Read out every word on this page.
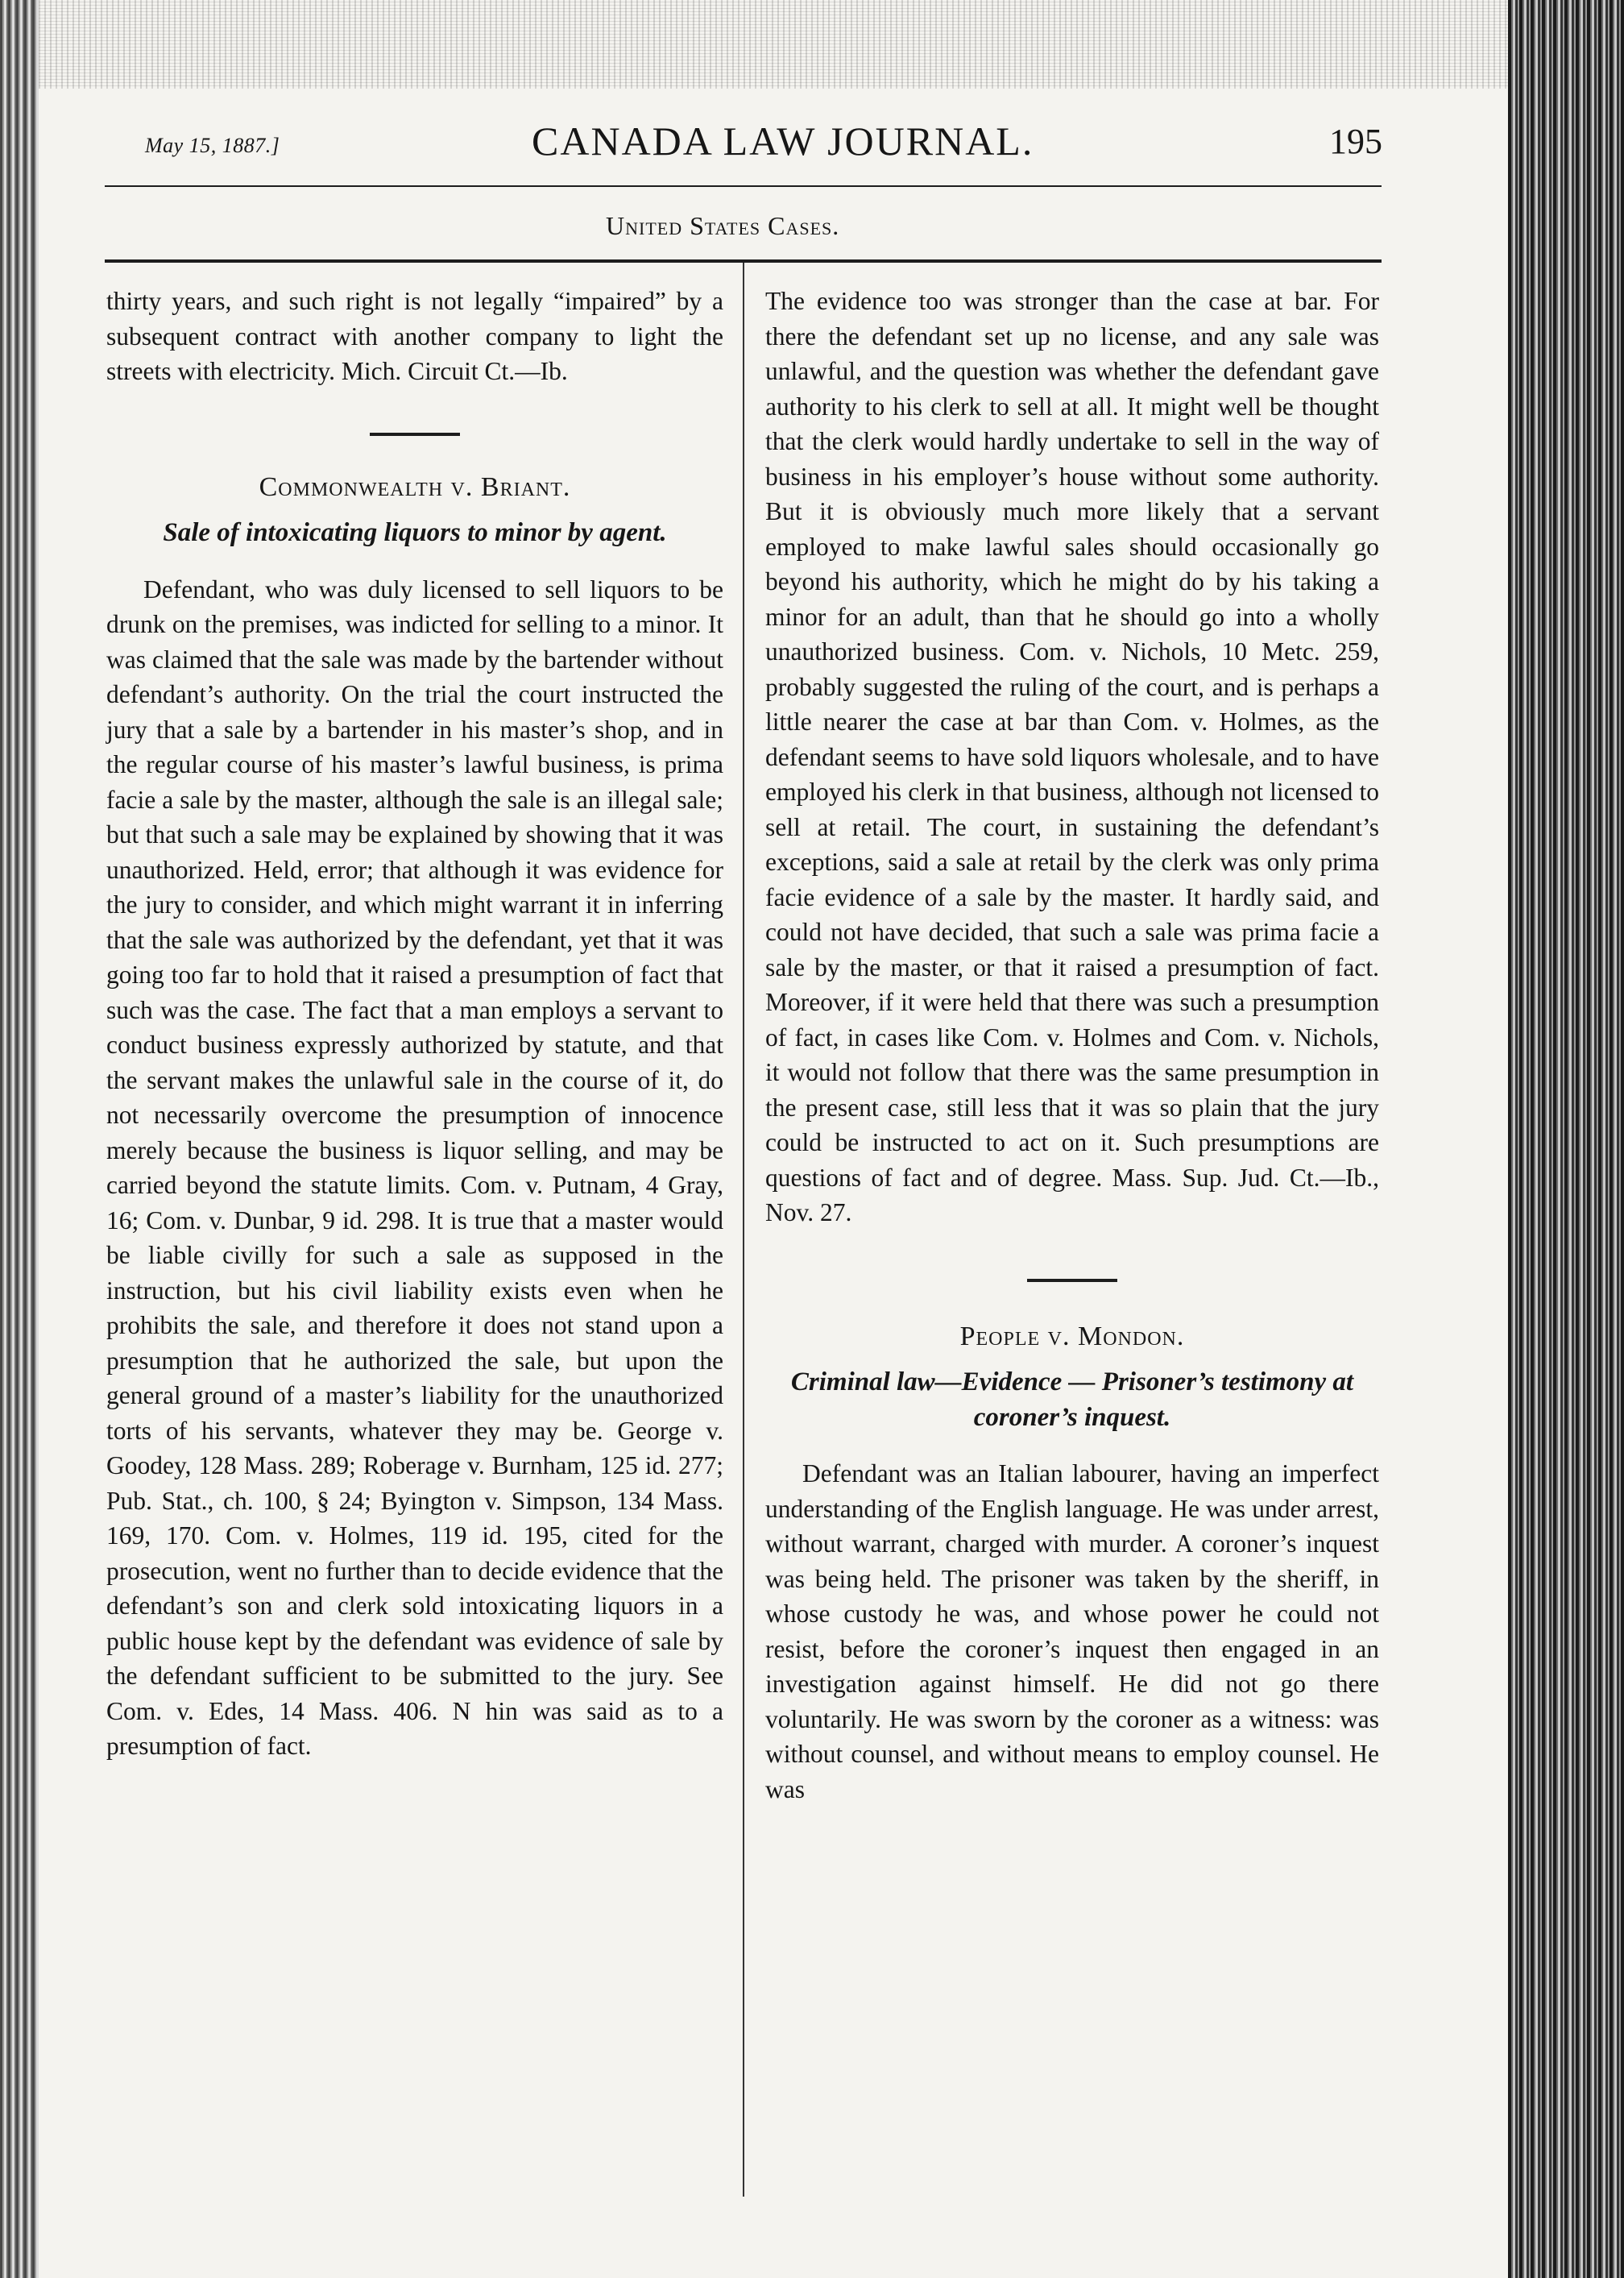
May 15, 1887.]	CANADA LAW JOURNAL.	195
United States Cases.

thirty years, and such right is not legally “impaired” by a subsequent contract with another company to light the streets with electricity. Mich. Circuit Ct.—Ib.

Commonwealth v. Briant.

Sale of intoxicating liquors to minor by agent.

Defendant, who was duly licensed to sell liquors to be drunk on the premises, was indicted for selling to a minor. It was claimed that the sale was made by the bartender without defendant’s authority. On the trial the court instructed the jury that a sale by a bartender in his master’s shop, and in the regular course of his master’s lawful business, is prima facie a sale by the master, although the sale is an illegal sale; but that such a sale may be explained by showing that it was unauthorized. Held, error; that although it was evidence for the jury to consider, and which might warrant it in inferring that the sale was authorized by the defendant, yet that it was going too far to hold that it raised a presumption of fact that such was the case. The fact that a man employs a servant to conduct business expressly authorized by statute, and that the servant makes the unlawful sale in the course of it, do not necessarily overcome the presumption of innocence merely because the business is liquor selling, and may be carried beyond the statute limits. Com. v. Putnam, 4 Gray, 16; Com. v. Dunbar, 9 id. 298. It is true that a master would be liable civilly for such a sale as supposed in the instruction, but his civil liability exists even when he prohibits the sale, and therefore it does not stand upon a presumption that he authorized the sale, but upon the general ground of a master’s liability for the unauthorized torts of his servants, whatever they may be. George v. Goodey, 128 Mass. 289; Roberage v. Burnham, 125 id. 277; Pub. Stat., ch. 100, § 24; Byington v. Simpson, 134 Mass. 169, 170. Com. v. Holmes, 119 id. 195, cited for the prosecution, went no further than to decide evidence that the defendant’s son and clerk sold intoxicating liquors in a public house kept by the defendant was evidence of sale by the defendant sufficient to be submitted to the jury. See Com. v. Edes, 14 Mass. 406. N hin was said as to a presumption of fact.

The evidence too was stronger than the case at bar. For there the defendant set up no license, and any sale was unlawful, and the question was whether the defendant gave authority to his clerk to sell at all. It might well be thought that the clerk would hardly undertake to sell in the way of business in his employer’s house without some authority. But it is obviously much more likely that a servant employed to make lawful sales should occasionally go beyond his authority, which he might do by his taking a minor for an adult, than that he should go into a wholly unauthorized business. Com. v. Nichols, 10 Metc. 259, probably suggested the ruling of the court, and is perhaps a little nearer the case at bar than Com. v. Holmes, as the defendant seems to have sold liquors wholesale, and to have employed his clerk in that business, although not licensed to sell at retail. The court, in sustaining the defendant’s exceptions, said a sale at retail by the clerk was only prima facie evidence of a sale by the master. It hardly said, and could not have decided, that such a sale was prima facie a sale by the master, or that it raised a presumption of fact. Moreover, if it were held that there was such a presumption of fact, in cases like Com. v. Holmes and Com. v. Nichols, it would not follow that there was the same presumption in the present case, still less that it was so plain that the jury could be instructed to act on it. Such presumptions are questions of fact and of degree. Mass. Sup. Jud. Ct.—Ib., Nov. 27.

People v. Mondon.

Criminal law—Evidence — Prisoner’s testimony at coroner’s inquest.

Defendant was an Italian labourer, having an imperfect understanding of the English language. He was under arrest, without warrant, charged with murder. A coroner’s inquest was being held. The prisoner was taken by the sheriff, in whose custody he was, and whose power he could not resist, before the coroner’s inquest then engaged in an investigation against himself. He did not go there voluntarily. He was sworn by the coroner as a witness: was without counsel, and without means to employ counsel. He was
